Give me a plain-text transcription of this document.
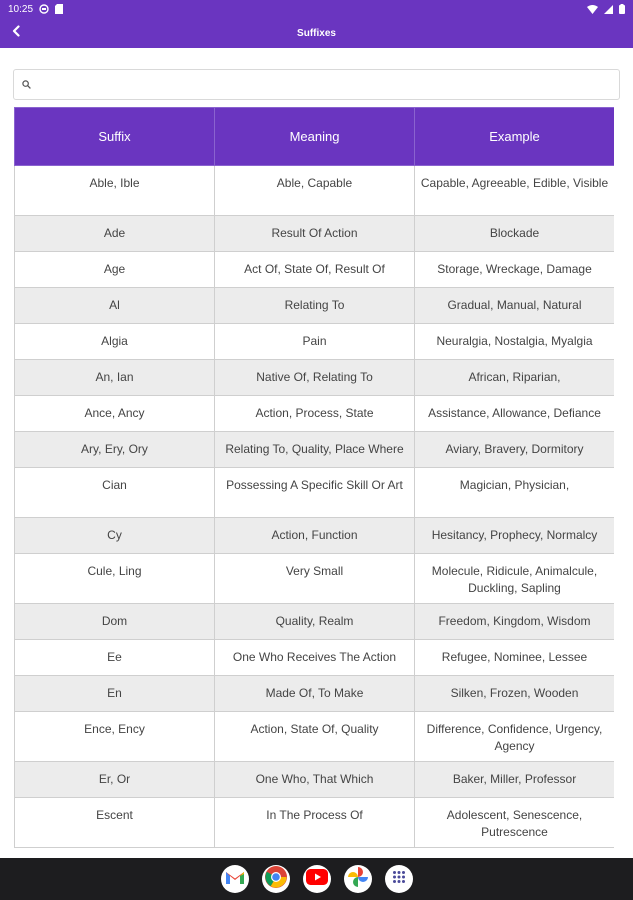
10:25
Suffixes
Suffix	Meaning	Example
Able, Ible	Able, Capable	Capable, Agreeable, Edible, Visible
Ade	Result Of Action	Blockade
Age	Act Of, State Of, Result Of	Storage, Wreckage, Damage
Al	Relating To	Gradual, Manual, Natural
Algia	Pain	Neuralgia, Nostalgia, Myalgia
An, Ian	Native Of, Relating To	African, Riparian,
Ance, Ancy	Action, Process, State	Assistance, Allowance, Defiance
Ary, Ery, Ory	Relating To, Quality, Place Where	Aviary, Bravery, Dormitory
Cian	Possessing A Specific Skill Or Art	Magician, Physician,
Cy	Action, Function	Hesitancy, Prophecy, Normalcy
Cule, Ling	Very Small	Molecule, Ridicule, Animalcule, Duckling, Sapling
Dom	Quality, Realm	Freedom, Kingdom, Wisdom
Ee	One Who Receives The Action	Refugee, Nominee, Lessee
En	Made Of, To Make	Silken, Frozen, Wooden
Ence, Ency	Action, State Of, Quality	Difference, Confidence, Urgency, Agency
Er, Or	One Who, That Which	Baker, Miller, Professor
Escent	In The Process Of	Adolescent, Senescence, Putrescence
